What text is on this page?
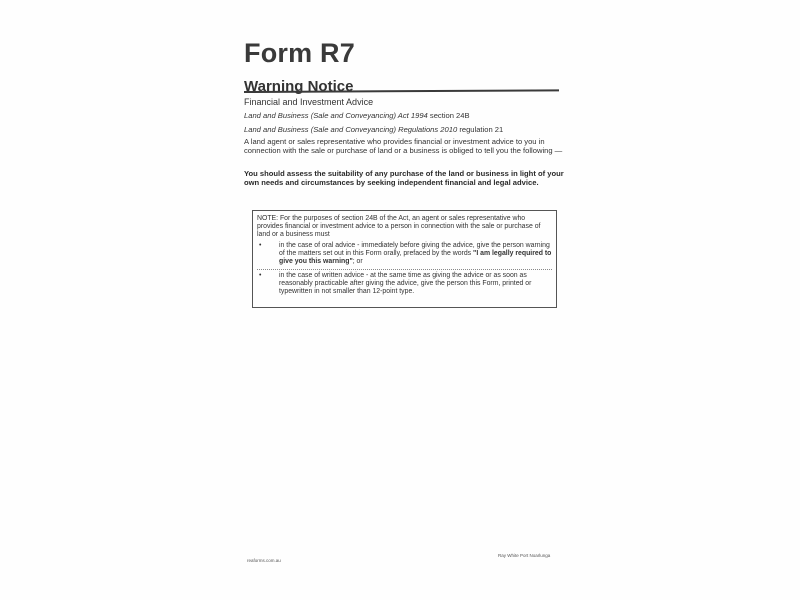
Form R7
Warning Notice
Financial and Investment Advice
Land and Business (Sale and Conveyancing) Act 1994 section 24B
Land and Business (Sale and Conveyancing) Regulations 2010 regulation 21

A land agent or sales representative who provides financial or investment advice to you in connection with the sale or purchase of land or a business is obliged to tell you the following —

You should assess the suitability of any purchase of the land or business in light of your own needs and circumstances by seeking independent financial and legal advice.

NOTE: For the purposes of section 24B of the Act, an agent or sales representative who provides financial or investment advice to a person in connection with the sale or purchase of land or a business must

•	in the case of oral advice - immediately before giving the advice, give the person warning of the matters set out in this Form orally, prefaced by the words "I am legally required to give you this warning"; or
•	in the case of written advice - at the same time as giving the advice or as soon as reasonably practicable after giving the advice, give the person this Form, printed or typewritten in not smaller than 12-point type.
reaforms.com.au
Ray White Port Noarlunga
